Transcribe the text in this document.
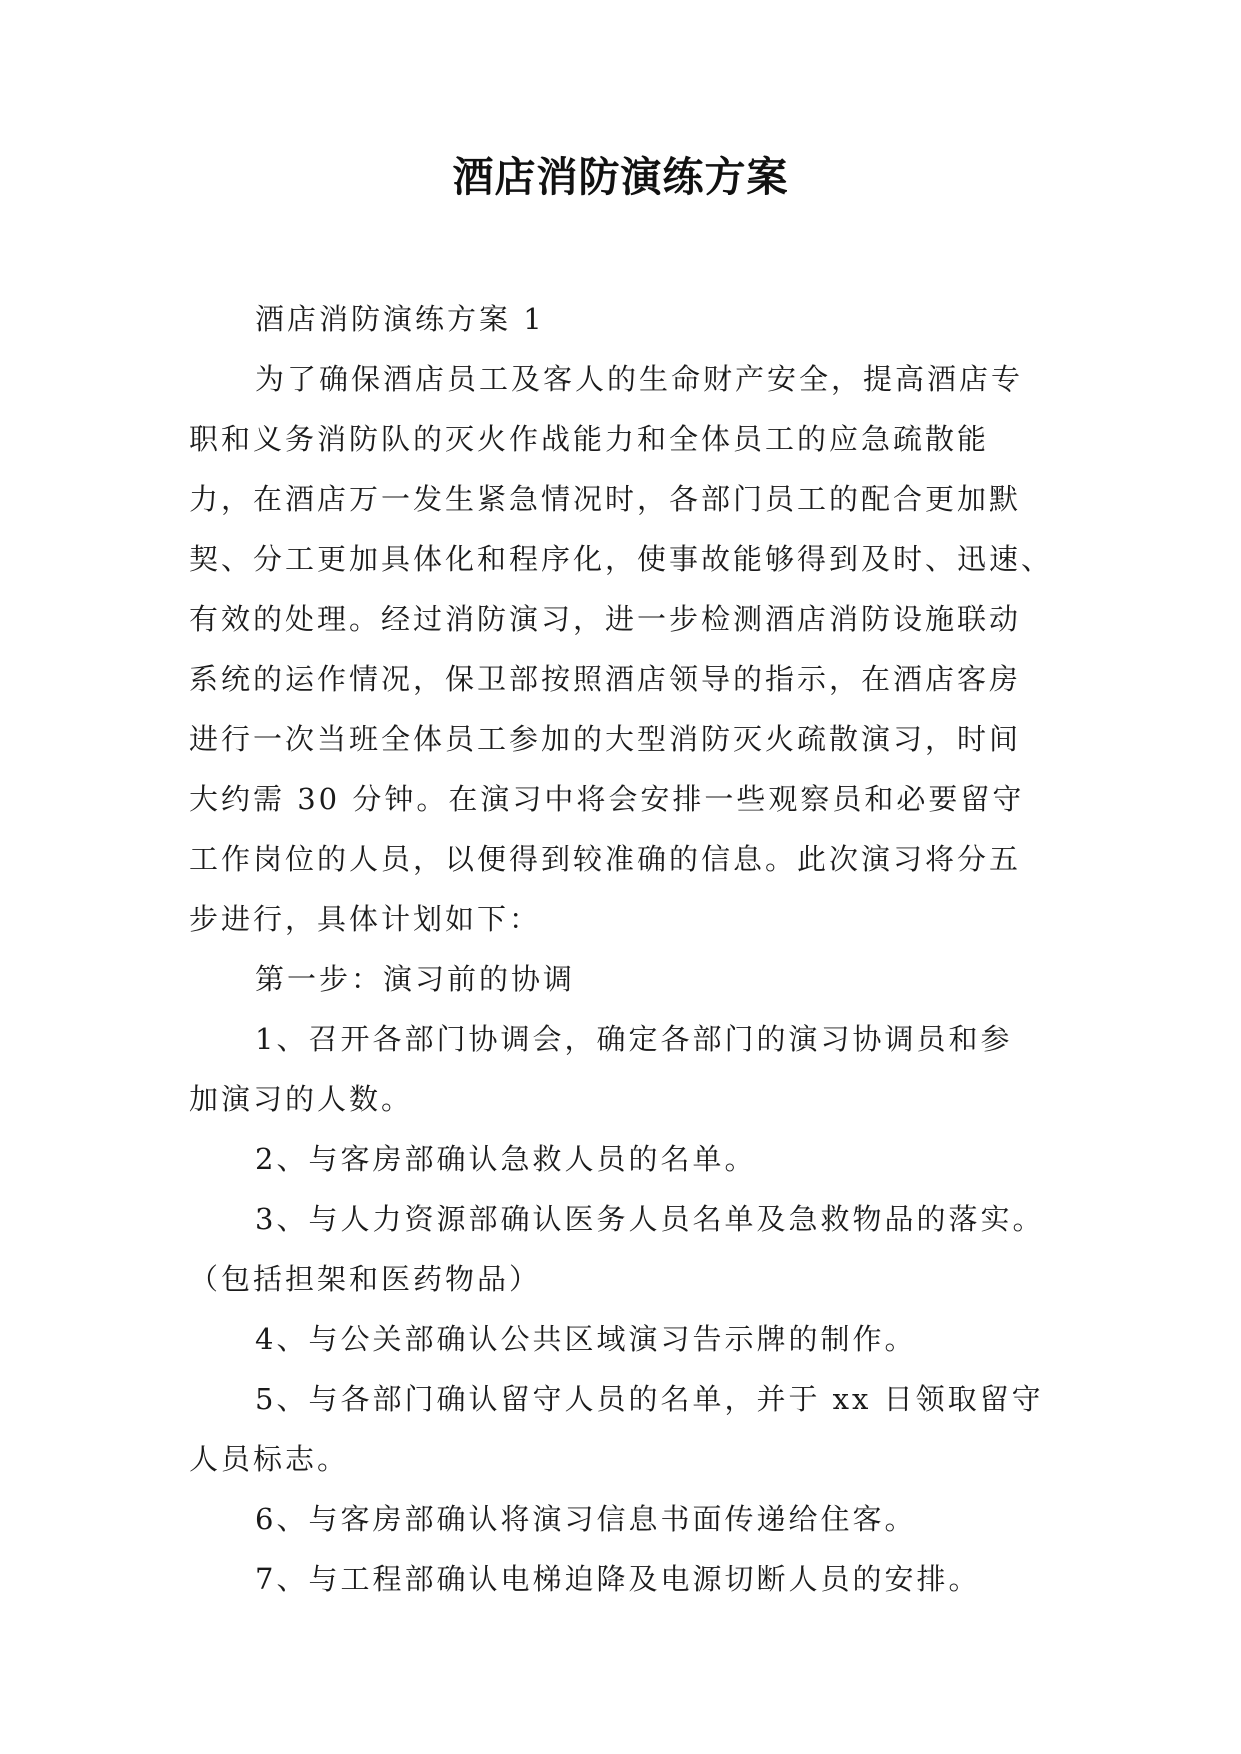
酒店消防演练方案

酒店消防演练方案 1

为了确保酒店员工及客人的生命财产安全，提高酒店专
职和义务消防队的灭火作战能力和全体员工的应急疏散能
力，在酒店万一发生紧急情况时，各部门员工的配合更加默
契、分工更加具体化和程序化，使事故能够得到及时、迅速、
有效的处理。经过消防演习，进一步检测酒店消防设施联动
系统的运作情况，保卫部按照酒店领导的指示，在酒店客房
进行一次当班全体员工参加的大型消防灭火疏散演习，时间
大约需 30 分钟。在演习中将会安排一些观察员和必要留守
工作岗位的人员，以便得到较准确的信息。此次演习将分五
步进行，具体计划如下：

第一步：演习前的协调

1、召开各部门协调会，确定各部门的演习协调员和参
加演习的人数。

2、与客房部确认急救人员的名单。

3、与人力资源部确认医务人员名单及急救物品的落实。
（包括担架和医药物品）

4、与公关部确认公共区域演习告示牌的制作。

5、与各部门确认留守人员的名单，并于 xx 日领取留守
人员标志。

6、与客房部确认将演习信息书面传递给住客。

7、与工程部确认电梯迫降及电源切断人员的安排。
